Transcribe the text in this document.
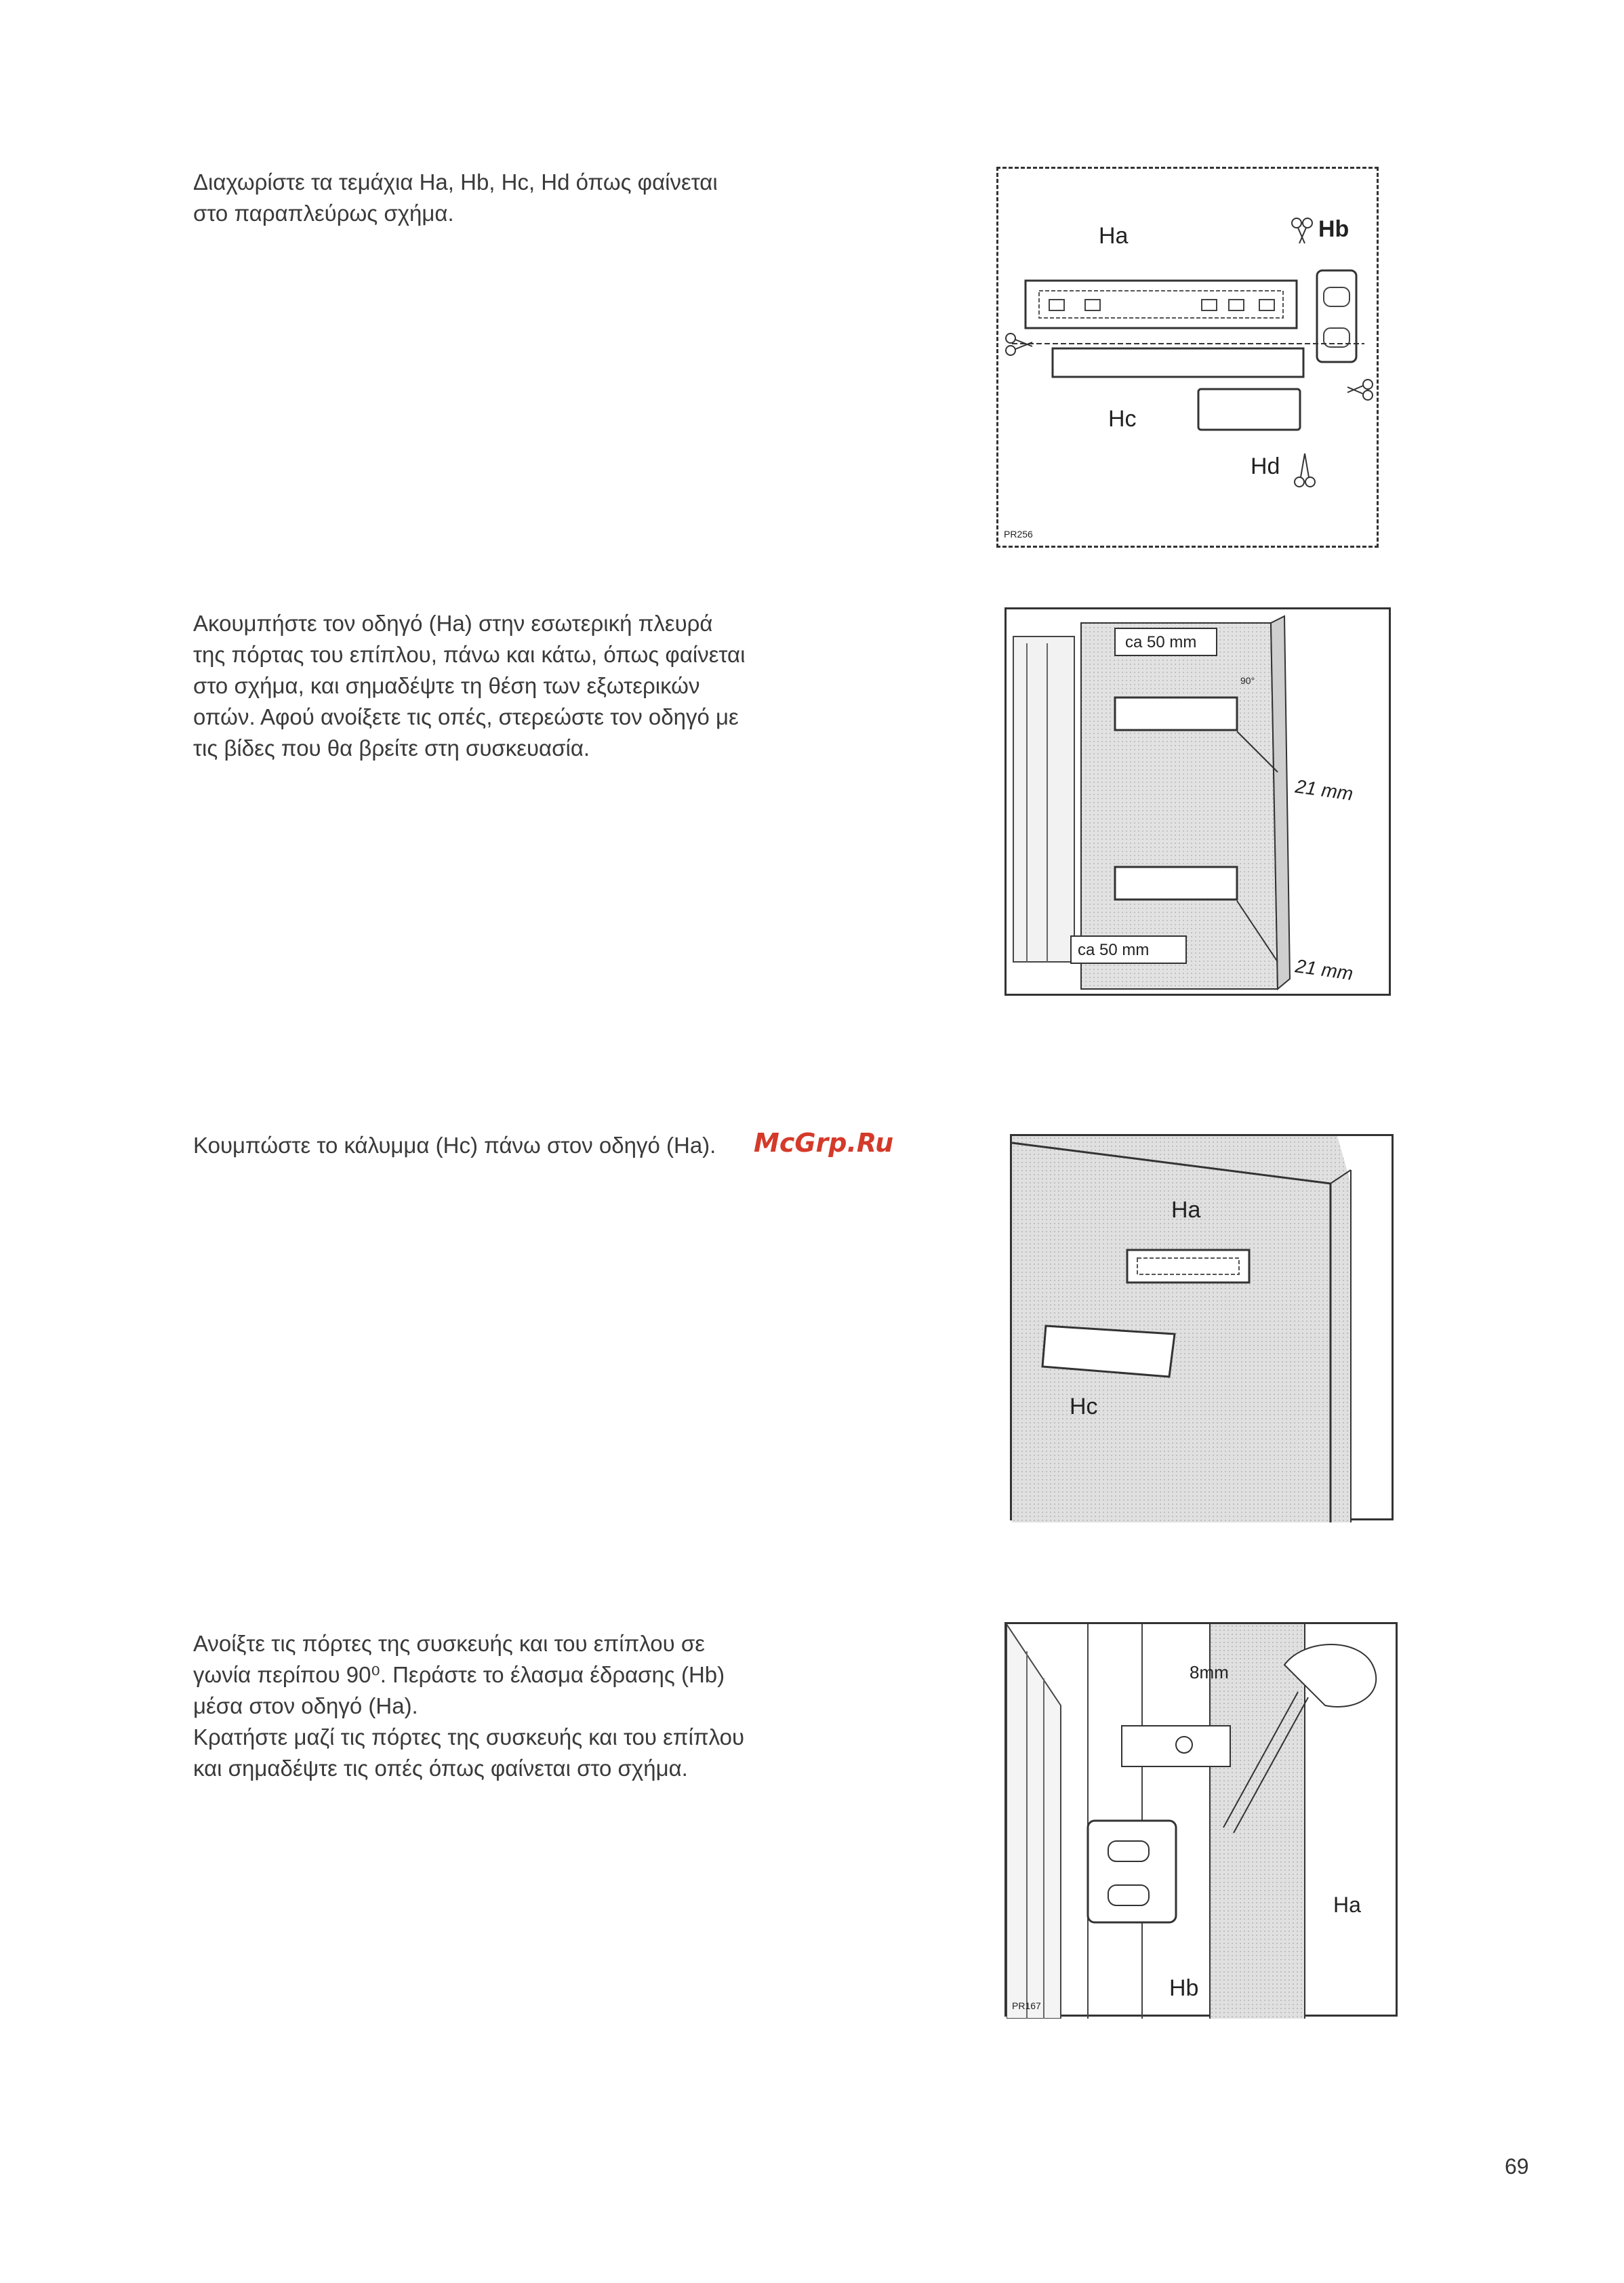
Διαχωρίστε τα τεμάχια Ha, Hb, Hc, Hd όπως φαίνεται
στο παραπλεύρως σχήμα.
Ha	Hb
Hc
Hd
PR256
Ακουμπήστε τον οδηγό (Ha) στην εσωτερική πλευρά
της πόρτας του επίπλου, πάνω και κάτω, όπως φαίνεται
στο σχήμα, και σημαδέψτε τη θέση των εξωτερικών
οπών. Αφού ανοίξετε τις οπές, στερεώστε τον οδηγό με
τις βίδες που θα βρείτε στη συσκευασία.
ca 50 mm
ca 50 mm
21 mm
21 mm
90°
Κουμπώστε το κάλυμμα (Hc) πάνω στον οδηγό (Ha). McGrp.Ru
Ha
Hc
Ανοίξτε τις πόρτες της συσκευής και του επίπλου σε
γωνία περίπου 90⁰. Περάστε το έλασμα έδρασης (Hb)
μέσα στον οδηγό (Ha).
Κρατήστε μαζί τις πόρτες της συσκευής και του επίπλου
και σημαδέψτε τις οπές όπως φαίνεται στο σχήμα.
8mm
Ha
Hb
PR167
69
